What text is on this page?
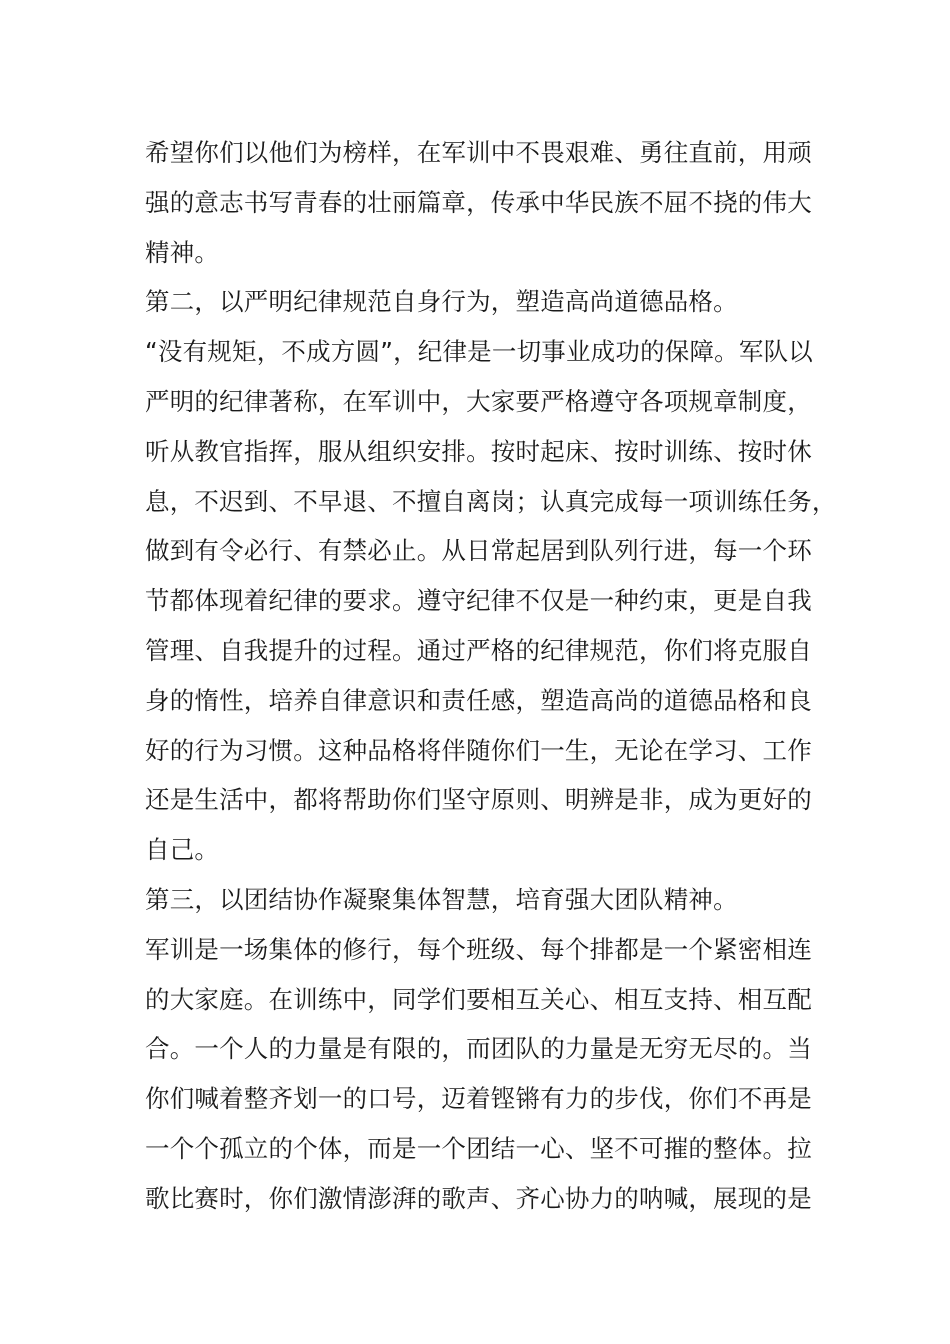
希望你们以他们为榜样，在军训中不畏艰难、勇往直前，用顽
强的意志书写青春的壮丽篇章，传承中华民族不屈不挠的伟大
精神。
第二，以严明纪律规范自身行为，塑造高尚道德品格。
“没有规矩，不成方圆”，纪律是一切事业成功的保障。军队以
严明的纪律著称，在军训中，大家要严格遵守各项规章制度，
听从教官指挥，服从组织安排。按时起床、按时训练、按时休
息，不迟到、不早退、不擅自离岗；认真完成每一项训练任务，
做到有令必行、有禁必止。从日常起居到队列行进，每一个环
节都体现着纪律的要求。遵守纪律不仅是一种约束，更是自我
管理、自我提升的过程。通过严格的纪律规范，你们将克服自
身的惰性，培养自律意识和责任感，塑造高尚的道德品格和良
好的行为习惯。这种品格将伴随你们一生，无论在学习、工作
还是生活中，都将帮助你们坚守原则、明辨是非，成为更好的
自己。
第三，以团结协作凝聚集体智慧，培育强大团队精神。
军训是一场集体的修行，每个班级、每个排都是一个紧密相连
的大家庭。在训练中，同学们要相互关心、相互支持、相互配
合。一个人的力量是有限的，而团队的力量是无穷无尽的。当
你们喊着整齐划一的口号，迈着铿锵有力的步伐，你们不再是
一个个孤立的个体，而是一个团结一心、坚不可摧的整体。拉
歌比赛时，你们激情澎湃的歌声、齐心协力的呐喊，展现的是
